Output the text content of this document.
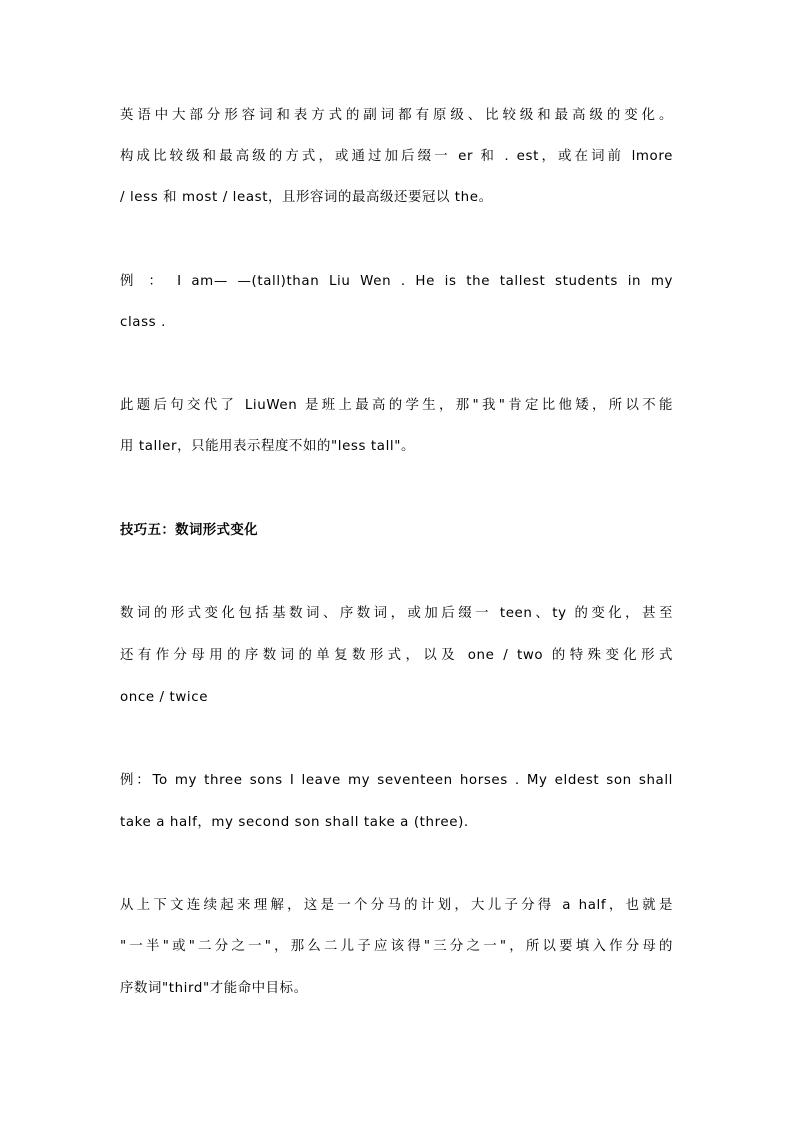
英语中大部分形容词和表方式的副词都有原级、比较级和最高级的变化。
构成比较级和最高级的方式，或通过加后缀一 er 和 . est，或在词前 lmore
/ less 和 most / least，且形容词的最高级还要冠以 the。
例 ： I am— —(tall)than Liu Wen . He is the tallest students in my
class .
此题后句交代了 LiuWen 是班上最高的学生，那"我"肯定比他矮，所以不能
用 taller，只能用表示程度不如的"less tall"。
技巧五：数词形式变化
数词的形式变化包括基数词、序数词，或加后缀一 teen、ty 的变化，甚至
还有作分母用的序数词的单复数形式，以及 one / two 的特殊变化形式
once / twice
例：To my three sons I leave my seventeen horses . My eldest son shall
take a half，my second son shall take a (three).
从上下文连续起来理解，这是一个分马的计划，大儿子分得 a half，也就是
"一半"或"二分之一"，那么二儿子应该得"三分之一"，所以要填入作分母的
序数词"third"才能命中目标。
